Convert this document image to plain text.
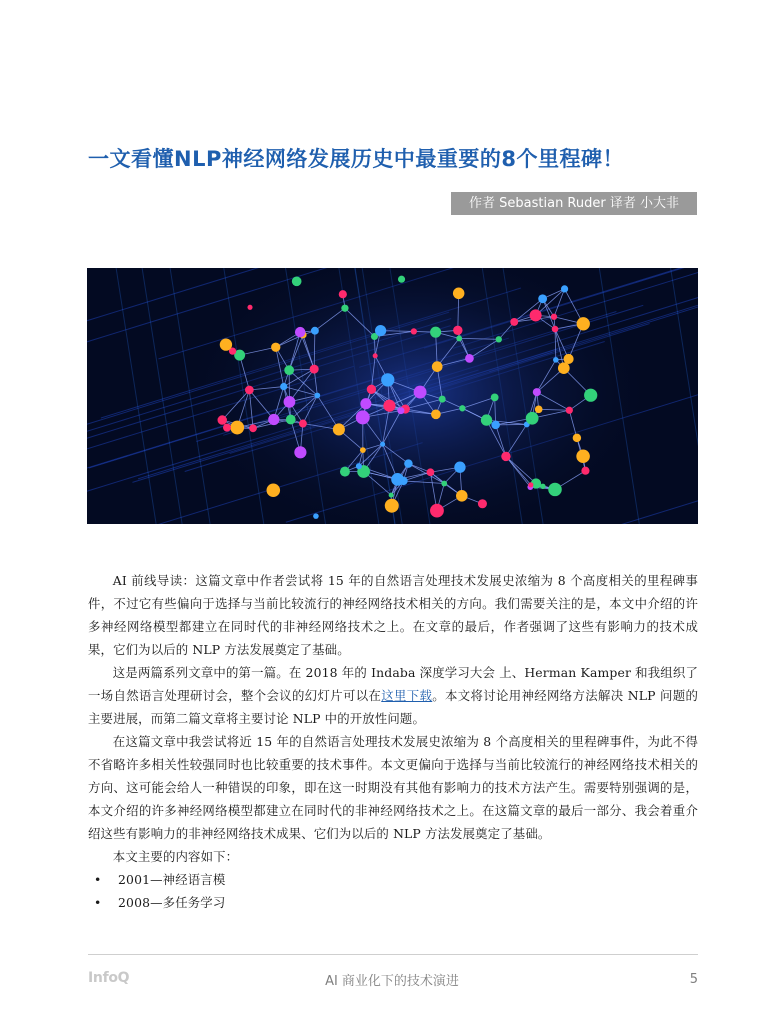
一文看懂NLP神经网络发展历史中最重要的8个里程碑！
作者 Sebastian Ruder 译者 小大非

AI 前线导读：这篇文章中作者尝试将 15 年的自然语言处理技术发展史浓缩为 8 个高度相关的里程碑事件，不过它有些偏向于选择与当前比较流行的神经网络技术相关的方向。我们需要关注的是，本文中介绍的许多神经网络模型都建立在同时代的非神经网络技术之上。在文章的最后，作者强调了这些有影响力的技术成果，它们为以后的 NLP 方法发展奠定了基础。

这是两篇系列文章中的第一篇。在 2018 年的 Indaba 深度学习大会 上、Herman Kamper 和我组织了一场自然语言处理研讨会，整个会议的幻灯片可以在这里下载。本文将讨论用神经网络方法解决 NLP 问题的主要进展，而第二篇文章将主要讨论 NLP 中的开放性问题。

在这篇文章中我尝试将近 15 年的自然语言处理技术发展史浓缩为 8 个高度相关的里程碑事件，为此不得不省略许多相关性较强同时也比较重要的技术事件。本文更偏向于选择与当前比较流行的神经网络技术相关的方向、这可能会给人一种错误的印象，即在这一时期没有其他有影响力的技术方法产生。需要特别强调的是，本文介绍的许多神经网络模型都建立在同时代的非神经网络技术之上。在这篇文章的最后一部分、我会着重介绍这些有影响力的非神经网络技术成果、它们为以后的 NLP 方法发展奠定了基础。

本文主要的内容如下：

• 2001—神经语言模
• 2008—多任务学习
InfoQ	AI 商业化下的技术演进	5
